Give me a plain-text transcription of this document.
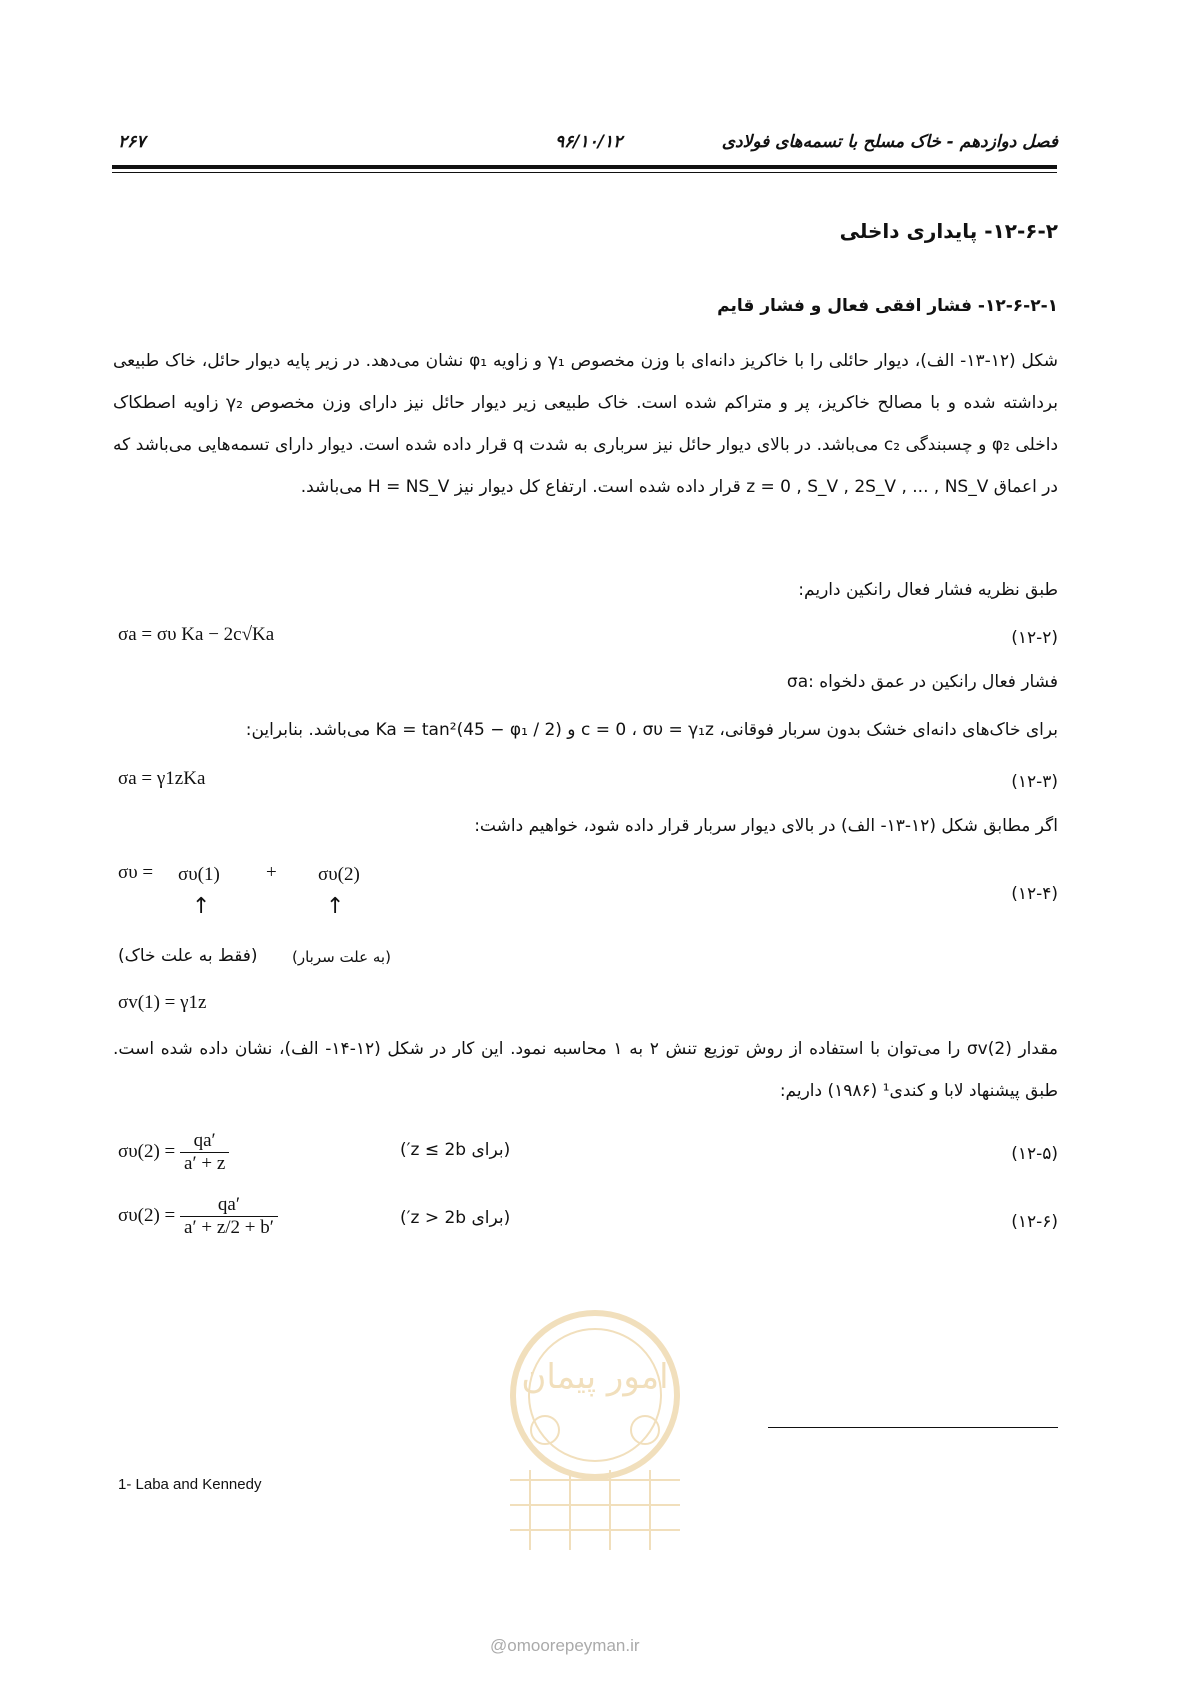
فصل دوازدهم - خاک مسلح با تسمه‌های فولادی
۹۶/۱۰/۱۲
۲۶۷
۱۲-۶-۲- پایداری داخلی
۱۲-۶-۲-۱- فشار افقی فعال و فشار قایم
شکل (۱۲-۱۳- الف)، دیوار حائلی را با خاکریز دانه‌ای با وزن مخصوص γ₁ و زاویه φ₁ نشان می‌دهد. در زیر پایه دیوار حائل، خاک طبیعی برداشته شده و با مصالح خاکریز، پر و متراکم شده است. خاک طبیعی زیر دیوار حائل نیز دارای وزن مخصوص γ₂ زاویه اصطکاک داخلی φ₂ و چسبندگی c₂ می‌باشد. در بالای دیوار حائل نیز سرباری به شدت q قرار داده شده است. دیوار دارای تسمه‌هایی می‌باشد که در اعماق z = 0 , S_V , 2S_V , ... , NS_V قرار داده شده است. ارتفاع کل دیوار نیز H = NS_V می‌باشد.
طبق نظریه فشار فعال رانکین داریم:
σa = συ Ka − 2c√Ka	(۱۲-۲)
σa: فشار فعال رانکین در عمق دلخواه
برای خاک‌های دانه‌ای خشک بدون سربار فوقانی، c = 0 ، συ = γ₁z و Ka = tan²(45 − φ₁ / 2) می‌باشد. بنابراین:
σa = γ1zKa	(۱۲-۳)
اگر مطابق شکل (۱۲-۱۳- الف) در بالای دیوار سربار قرار داده شود، خواهیم داشت:
συ = συ(1) + συ(2)
↑	↑	(۱۲-۴)
(فقط به علت خاک) (به علت سربار)
σv(1) = γ1z
مقدار σv(2) را می‌توان با استفاده از روش توزیع تنش ۲ به ۱ محاسبه نمود. این کار در شکل (۱۲-۱۴- الف)، نشان داده شده است. طبق پیشنهاد لابا و کندی¹ (۱۹۸۶) داریم:
$\sigma\upsilon(2) = \frac{qa'}{a' + z}$	(برای z ≤ 2b′)	(۱۲-۵)
$\sigma\upsilon(2) = \frac{qa'}{a' + z/2 + b'}$	(برای z > 2b′)	(۱۲-۶)
1- Laba and Kennedy
امور پیمان
@omoorepeyman.ir
